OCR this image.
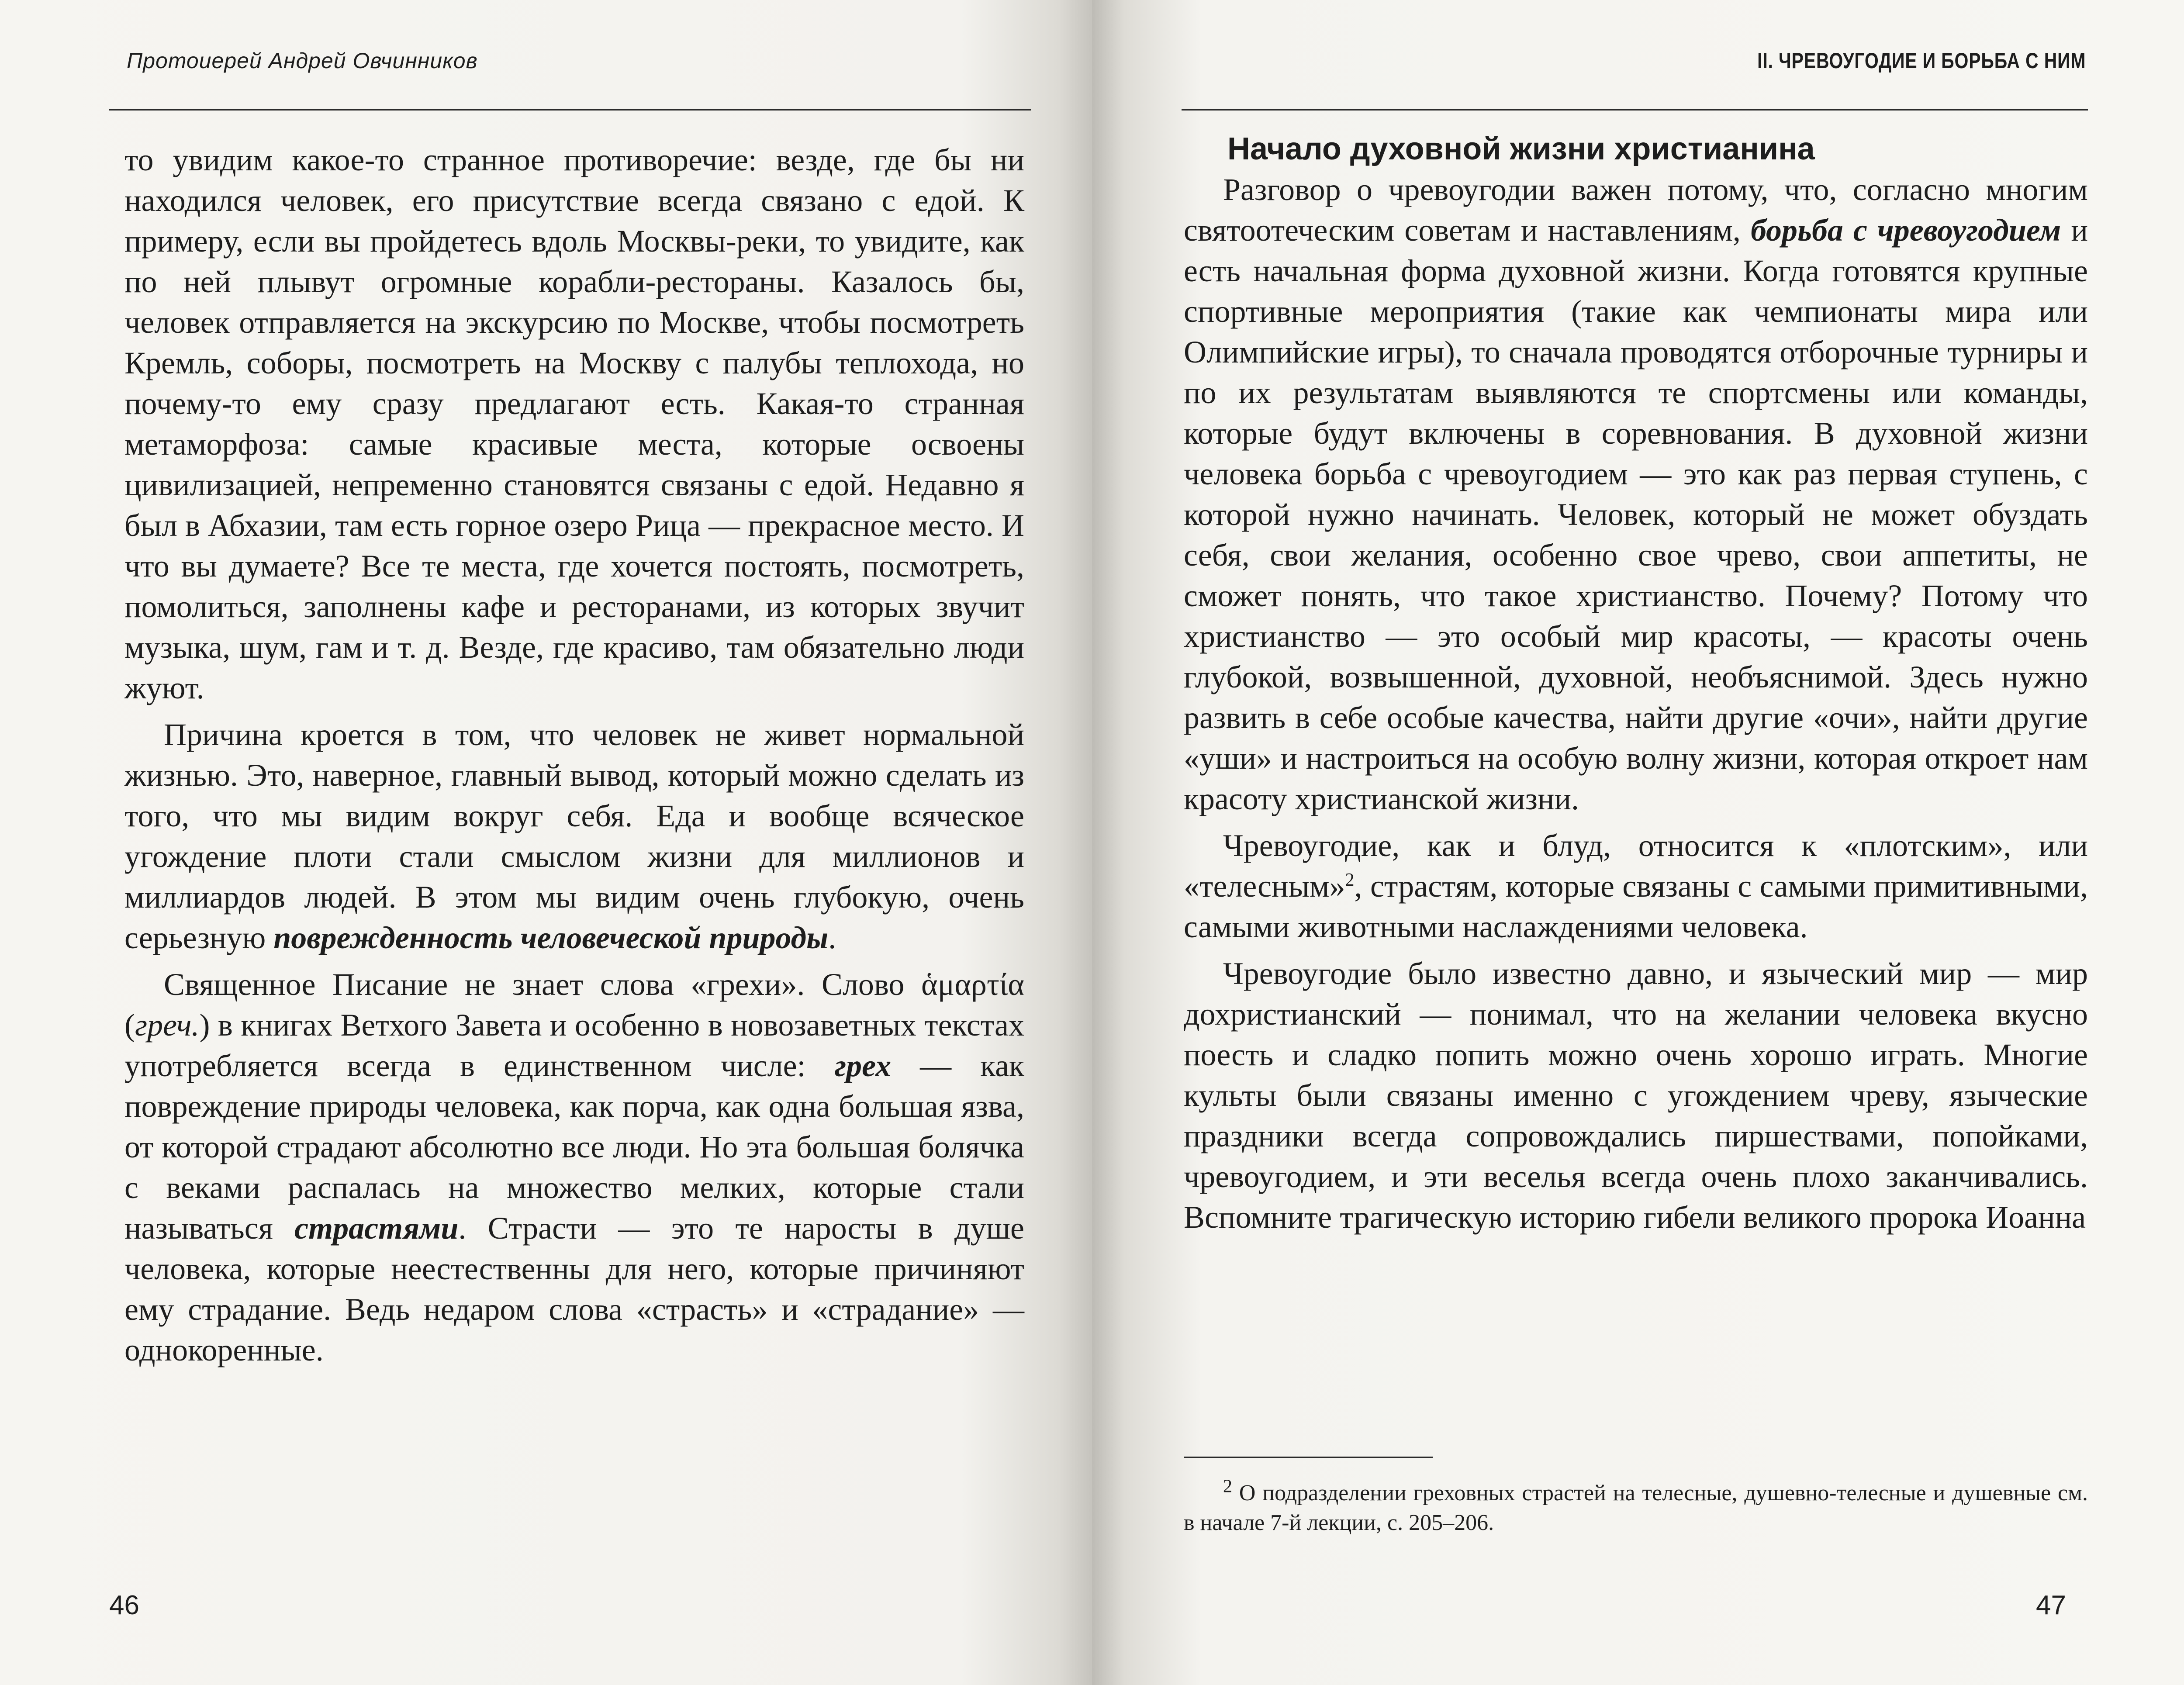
Протоиерей Андрей Овчинников

то увидим какое-то странное противоречие: везде, где бы ни находился человек, его присутствие всегда связано с едой. К примеру, если вы пройдетесь вдоль Москвы-реки, то увидите, как по ней плывут огромные корабли-рестораны. Казалось бы, человек отправляется на экскурсию по Москве, чтобы посмотреть Кремль, соборы, посмотреть на Москву с палубы теплохода, но почему-то ему сразу предлагают есть. Какая-то странная метаморфоза: самые красивые места, которые освоены цивилизацией, непременно становятся связаны с едой. Недавно я был в Абхазии, там есть горное озеро Рица — прекрасное место. И что вы думаете? Все те места, где хочется постоять, посмотреть, помолиться, заполнены кафе и ресторанами, из которых звучит музыка, шум, гам и т. д. Везде, где красиво, там обязательно люди жуют.

Причина кроется в том, что человек не живет нормальной жизнью. Это, наверное, главный вывод, который можно сделать из того, что мы видим вокруг себя. Еда и вообще всяческое угождение плоти стали смыслом жизни для миллионов и миллиардов людей. В этом мы видим очень глубокую, очень серьезную поврежденность человеческой природы.

Священное Писание не знает слова «грехи». Слово ἁμαρτία (греч.) в книгах Ветхого Завета и особенно в новозаветных текстах употребляется всегда в единственном числе: грех — как повреждение природы человека, как порча, как одна большая язва, от которой страдают абсолютно все люди. Но эта большая болячка с веками распалась на множество мелких, которые стали называться страстями. Страсти — это те наросты в душе человека, которые неестественны для него, которые причиняют ему страдание. Ведь недаром слова «страсть» и «страдание» — однокоренные.

46
II. ЧРЕВОУГОДИЕ И БОРЬБА С НИМ
Начало духовной жизни христианина

Разговор о чревоугодии важен потому, что, согласно многим святоотеческим советам и наставлениям, борьба с чревоугодием и есть начальная форма духовной жизни. Когда готовятся крупные спортивные мероприятия (такие как чемпионаты мира или Олимпийские игры), то сначала проводятся отборочные турниры и по их результатам выявляются те спортсмены или команды, которые будут включены в соревнования. В духовной жизни человека борьба с чревоугодием — это как раз первая ступень, с которой нужно начинать. Человек, который не может обуздать себя, свои желания, особенно свое чрево, свои аппетиты, не сможет понять, что такое христианство. Почему? Потому что христианство — это особый мир красоты, — красоты очень глубокой, возвышенной, духовной, необъяснимой. Здесь нужно развить в себе особые качества, найти другие «очи», найти другие «уши» и настроиться на особую волну жизни, которая откроет нам красоту христианской жизни.

Чревоугодие, как и блуд, относится к «плотским», или «телесным»$^2$, страстям, которые связаны с самыми примитивными, самыми животными наслаждениями человека.

Чревоугодие было известно давно, и языческий мир — мир дохристианский — понимал, что на желании человека вкусно поесть и сладко попить можно очень хорошо играть. Многие культы были связаны именно с угождением чреву, языческие праздники всегда сопровождались пиршествами, попойками, чревоугодием, и эти веселья всегда очень плохо заканчивались. Вспомните трагическую историю гибели великого пророка Иоанна

$^2$ О подразделении греховных страстей на телесные, душевно-телесные и душевные см. в начале 7-й лекции, с. 205–206.
47
